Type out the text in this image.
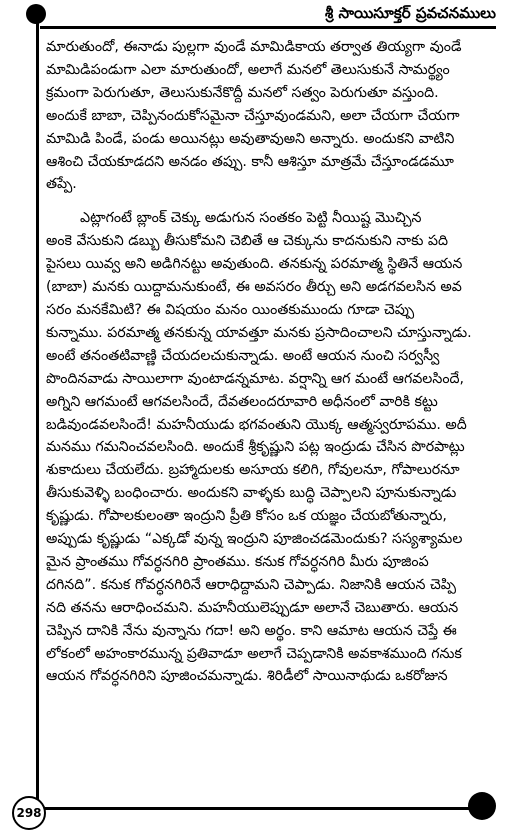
శ్రీ సాయిసూక్తర్ ప్రవచనములు

మారుతుందో, ఈనాడు పుల్లగా వుండే మామిడికాయ తర్వాత తియ్యగా వుండే
మామిడిపండుగా ఎలా మారుతుందో, అలాగే మనలో తెలుసుకునే సామర్థ్యం
క్రమంగా పెరుగుతూ, తెలుసుకునేకొద్దీ మనలో సత్వం పెరుగుతూ వస్తుంది.
అందుకే బాబా, చెప్పినందుకోసమైనా చేస్తూవుండమని, అలా చేయగా చేయగా
మామిడి పిండే, పండు అయినట్లు అవుతావుఅని అన్నారు. అందుకని వాటిని
ఆశించి చేయకూడదని అనడం తప్పు. కానీ ఆశిస్తూ మాత్రమే చేస్తూండడమూ
తప్పే.

ఎట్లాగంటే బ్లాంక్ చెక్కు అడుగున సంతకం పెట్టి నీయిష్ట మొచ్చిన
అంకె వేసుకుని డబ్బు తీసుకోమని చెబితే ఆ చెక్కును కాదనుకుని నాకు పది
పైసలు యివ్వ అని అడిగినట్టు అవుతుంది. తనకున్న పరమాత్మ స్థితినే ఆయన
(బాబా) మనకు యిద్దామనుకుంటే, ఈ అవసరం తీర్చు అని అడగవలసిన అవ
సరం మనకేమిటి? ఈ విషయం మనం యింతకుముందు గూడా చెప్పు
కున్నాము. పరమాత్మ తనకున్న యావత్తూ మనకు ప్రసాదించాలని చూస్తున్నాడు.
అంటే తనంతటివాణ్ణి చేయదలచుకున్నాడు. అంటే ఆయన నుంచి సర్వస్వీ
పొందినవాడు సాయిలాగా వుంటాడన్నమాట. వర్షాన్ని ఆగ మంటే ఆగవలసిందే,
అగ్నిని ఆగమంటే ఆగవలసిందే, దేవతలందరూవారి అధీనంలో వారికి కట్టు
బడివుండవలసిందే! మహనీయుడు భగవంతుని యొక్క ఆత్మస్వరూపము. అదీ
మనము గమనించవలసింది. అందుకే శ్రీకృష్ణుని పట్ల ఇంద్రుడు చేసిన పొరపాట్లు
శుకాదులు చేయలేదు. బ్రహ్మాదులకు అసూయ కలిగి, గోవులనూ, గోపాలురనూ
తీసుకువెళ్ళి బంధించారు. అందుకని వాళ్ళకు బుద్ధి చెప్పాలని పూనుకున్నాడు
కృష్ణుడు. గోపాలకులంతా ఇంద్రుని ప్రీతి కోసం ఒక యజ్ఞం చేయబోతున్నారు,
అప్పుడు కృష్ణుడు “ఎక్కడో వున్న ఇంద్రుని పూజించడమెందుకు? సస్యశ్యామల
మైన ప్రాంతము గోవర్ధనగిరి ప్రాంతము. కనుక గోవర్ధనగిరి మీరు పూజింప
దగినది”. కనుక గోవర్ధనగిరినే ఆరాధిద్దామని చెప్పాడు. నిజానికి ఆయన చెప్పి
నది తనను ఆరాధించమని. మహనీయులెప్పుడూ అలానే చెబుతారు. ఆయన
చెప్పిన దానికి నేను వున్నాను గదా! అని అర్థం. కాని ఆమాట ఆయన చెప్తే ఈ
లోకంలో అహంకారమున్న ప్రతివాడూ అలాగే చెప్పడానికి అవకాశముంది గనుక
ఆయన గోవర్ధనగిరిని పూజించమన్నాడు. శిరిడీలో సాయినాథుడు ఒకరోజున

298
